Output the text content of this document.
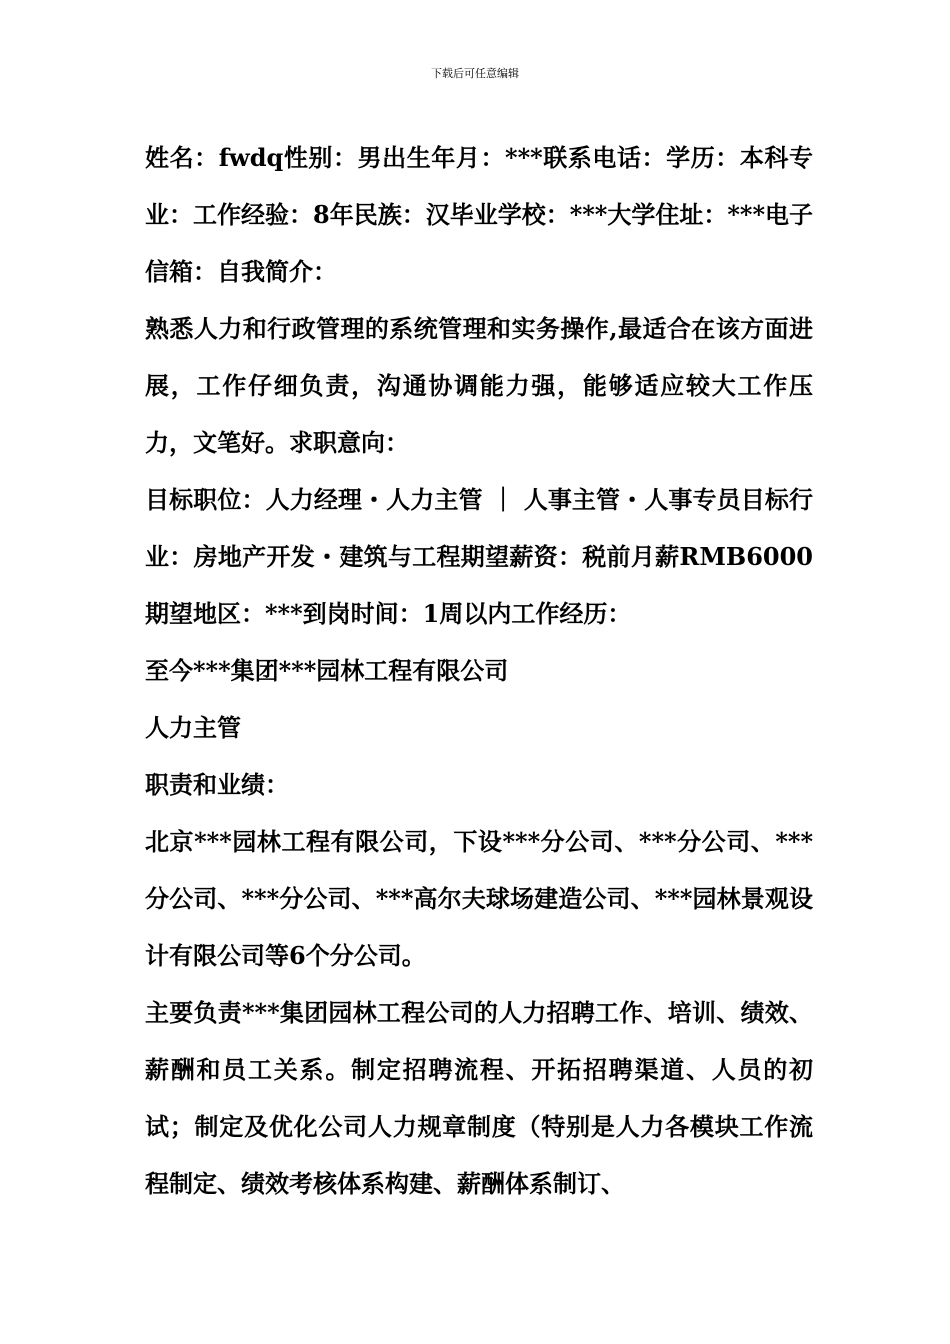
下载后可任意编辑

姓名：fwdq性别：男出生年月：***联系电话：学历：本科专业：工作经验：8年民族：汉毕业学校：***大学住址：***电子信箱：自我简介：

熟悉人力和行政管理的系统管理和实务操作,最适合在该方面进展，工作仔细负责，沟通协调能力强，能够适应较大工作压力，文笔好。求职意向：

目标职位：人力经理・人力主管 ｜ 人事主管・人事专员目标行业：房地产开发・建筑与工程期望薪资：税前月薪RMB6000期望地区：***到岗时间：1周以内工作经历：

至今***集团***园林工程有限公司

人力主管

职责和业绩：

北京***园林工程有限公司，下设***分公司、***分公司、***分公司、***分公司、***高尔夫球场建造公司、***园林景观设计有限公司等6个分公司。

主要负责***集团园林工程公司的人力招聘工作、培训、绩效、薪酬和员工关系。制定招聘流程、开拓招聘渠道、人员的初试；制定及优化公司人力规章制度（特别是人力各模块工作流程制定、绩效考核体系构建、薪酬体系制订、
